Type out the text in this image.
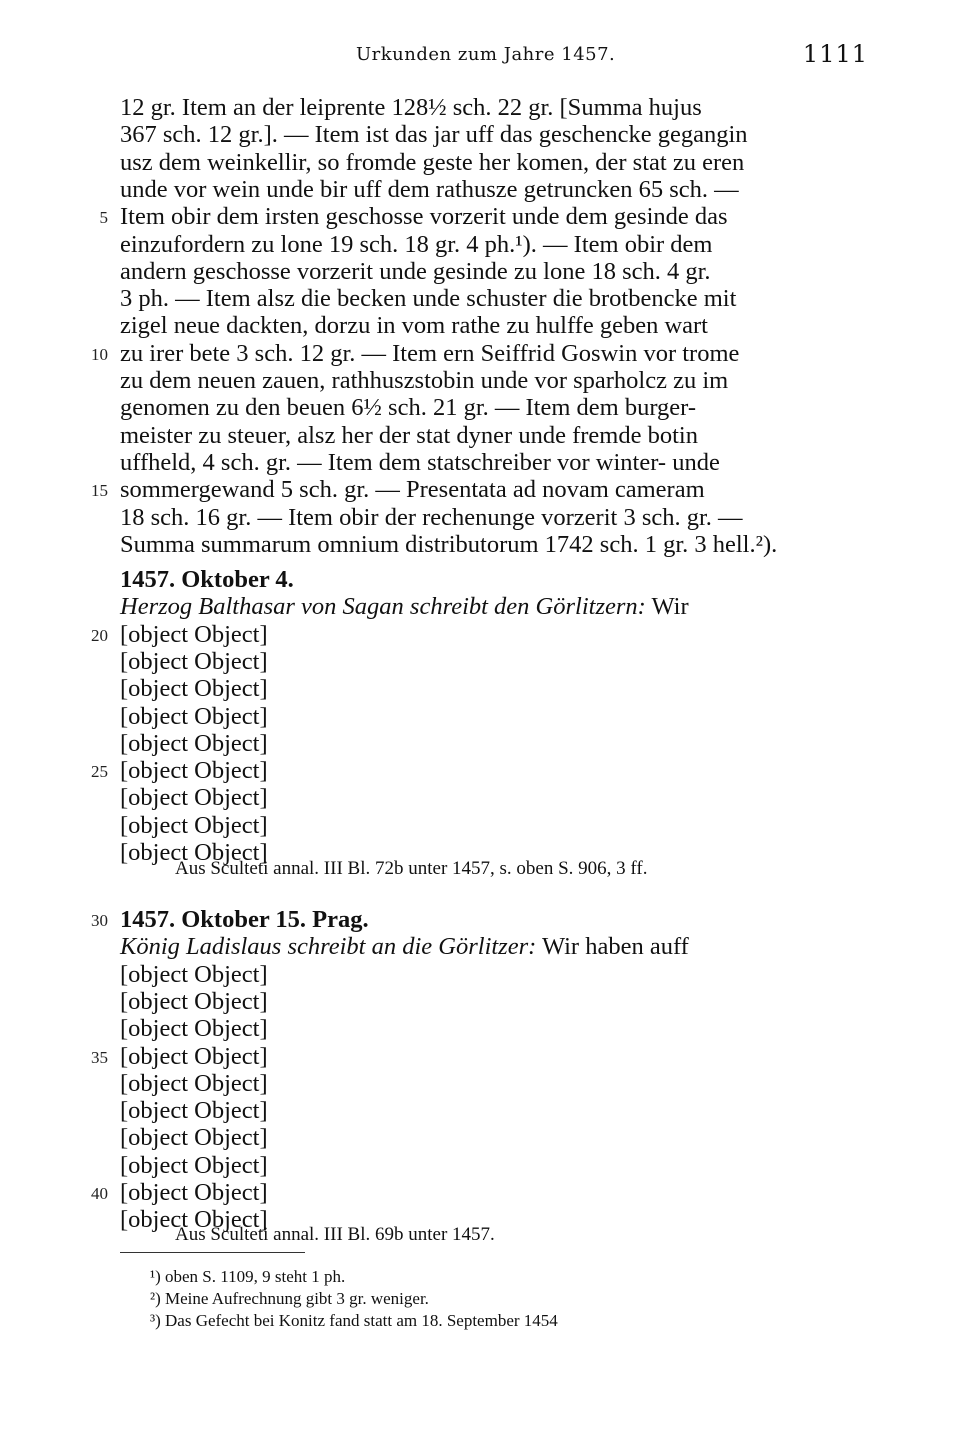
Urkunden zum Jahre 1457.	1111
12 gr. Item an der leiprente 128½ sch. 22 gr. [Summa hujus
367 sch. 12 gr.]. — Item ist das jar uff das geschencke gegangin
usz dem weinkellir, so fromde geste her komen, der stat zu eren
unde vor wein unde bir uff dem rathusze getruncken 65 sch. —
Item obir dem irsten geschosse vorzerit unde dem gesinde das
5
einzufordern zu lone 19 sch. 18 gr. 4 ph.¹). — Item obir dem
andern geschosse vorzerit unde gesinde zu lone 18 sch. 4 gr.
3 ph. — Item alsz die becken unde schuster die brotbencke mit
zigel neue dackten, dorzu in vom rathe zu hulffe geben wart
zu irer bete 3 sch. 12 gr. — Item ern Seiffrid Goswin vor trome
10
zu dem neuen zauen, rathhuszstobin unde vor sparholcz zu im
genomen zu den beuen 6½ sch. 21 gr. — Item dem burger-
meister zu steuer, alsz her der stat dyner unde fremde botin
uffheld, 4 sch. gr. — Item dem statschreiber vor winter- unde
sommergewand 5 sch. gr. — Presentata ad novam cameram
15
18 sch. 16 gr. — Item obir der rechenunge vorzerit 3 sch. gr. —
Summa summarum omnium distributorum 1742 sch. 1 gr. 3 hell.²).
1457. Oktober 4.
Herzog Balthasar von Sagan schreibt den Görlitzern: Wir
[object Object]
20
[object Object]
[object Object]
[object Object]
[object Object]
[object Object]
25
[object Object]
[object Object]
[object Object]
Aus Sculteti annal. III Bl. 72b unter 1457, s. oben S. 906, 3 ff.
1457. Oktober 15. Prag.
30
König Ladislaus schreibt an die Görlitzer: Wir haben auff
[object Object]
[object Object]
[object Object]
[object Object]
35
[object Object]
[object Object]
[object Object]
[object Object]
[object Object]
40
[object Object]
Aus Sculteti annal. III Bl. 69b unter 1457.
¹) oben S. 1109, 9 steht 1 ph.
²) Meine Aufrechnung gibt 3 gr. weniger.
³) Das Gefecht bei Konitz fand statt am 18. September 1454
